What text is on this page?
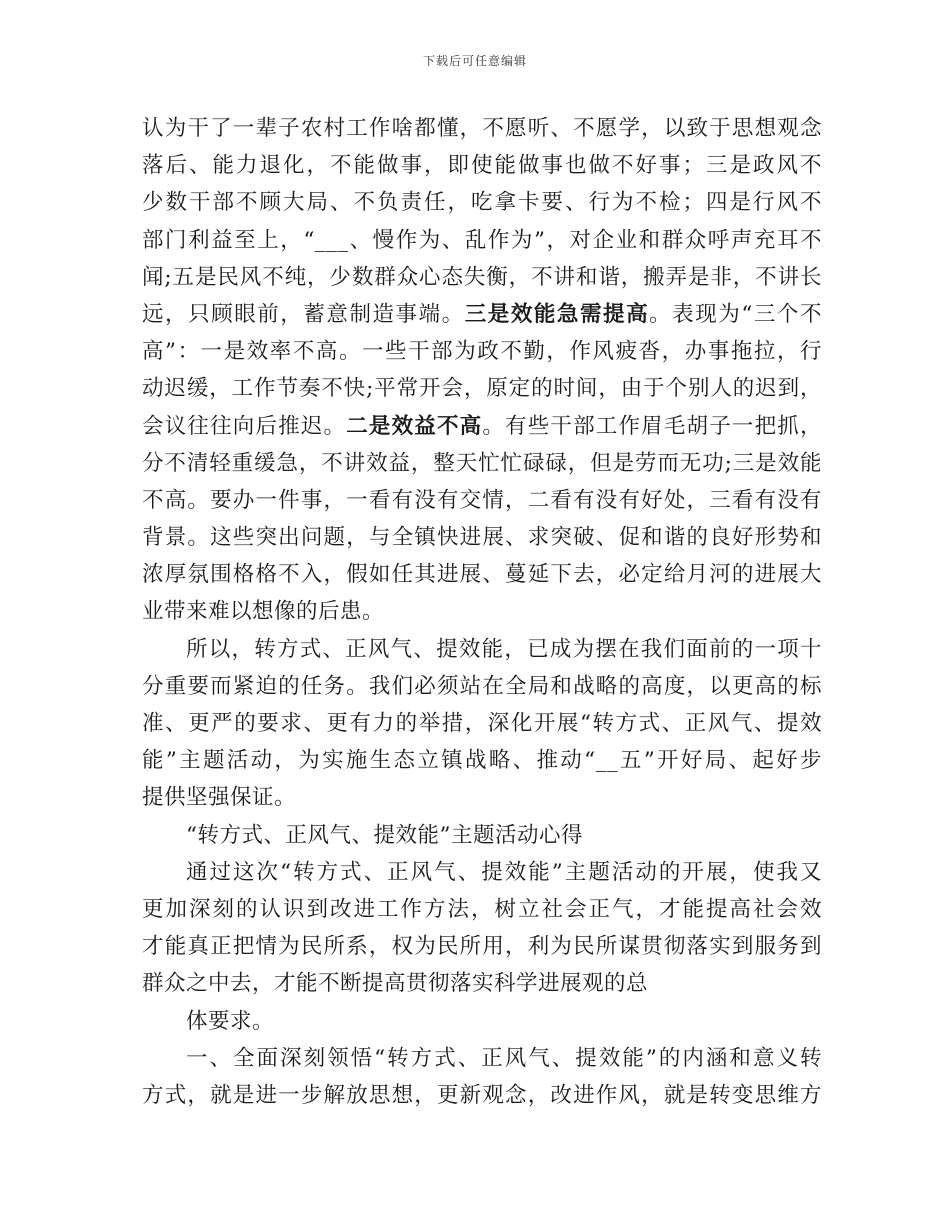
下载后可任意编辑
认为干了一辈子农村工作啥都懂，不愿听、不愿学，以致于思想观念
落后、能力退化，不能做事，即使能做事也做不好事；三是政风不
少数干部不顾大局、不负责任，吃拿卡要、行为不检；四是行风不
部门利益至上，“___、慢作为、乱作为”，对企业和群众呼声充耳不
闻;五是民风不纯，少数群众心态失衡，不讲和谐，搬弄是非，不讲长
远，只顾眼前，蓄意制造事端。三是效能急需提高。表现为“三个不
高”：一是效率不高。一些干部为政不勤，作风疲沓，办事拖拉，行
动迟缓，工作节奏不快;平常开会，原定的时间，由于个别人的迟到，
会议往往向后推迟。二是效益不高。有些干部工作眉毛胡子一把抓，
分不清轻重缓急，不讲效益，整天忙忙碌碌，但是劳而无功;三是效能
不高。要办一件事，一看有没有交情，二看有没有好处，三看有没有
背景。这些突出问题，与全镇快进展、求突破、促和谐的良好形势和
浓厚氛围格格不入，假如任其进展、蔓延下去，必定给月河的进展大
业带来难以想像的后患。
所以，转方式、正风气、提效能，已成为摆在我们面前的一项十
分重要而紧迫的任务。我们必须站在全局和战略的高度，以更高的标
准、更严的要求、更有力的举措，深化开展“转方式、正风气、提效
能”主题活动，为实施生态立镇战略、推动“__五”开好局、起好步
提供坚强保证。
“转方式、正风气、提效能”主题活动心得
通过这次“转方式、正风气、提效能”主题活动的开展，使我又
更加深刻的认识到改进工作方法，树立社会正气，才能提高社会效
才能真正把情为民所系，权为民所用，利为民所谋贯彻落实到服务到
群众之中去，才能不断提高贯彻落实科学进展观的总
体要求。
一、全面深刻领悟“转方式、正风气、提效能”的内涵和意义转
方式，就是进一步解放思想，更新观念，改进作风，就是转变思维方
